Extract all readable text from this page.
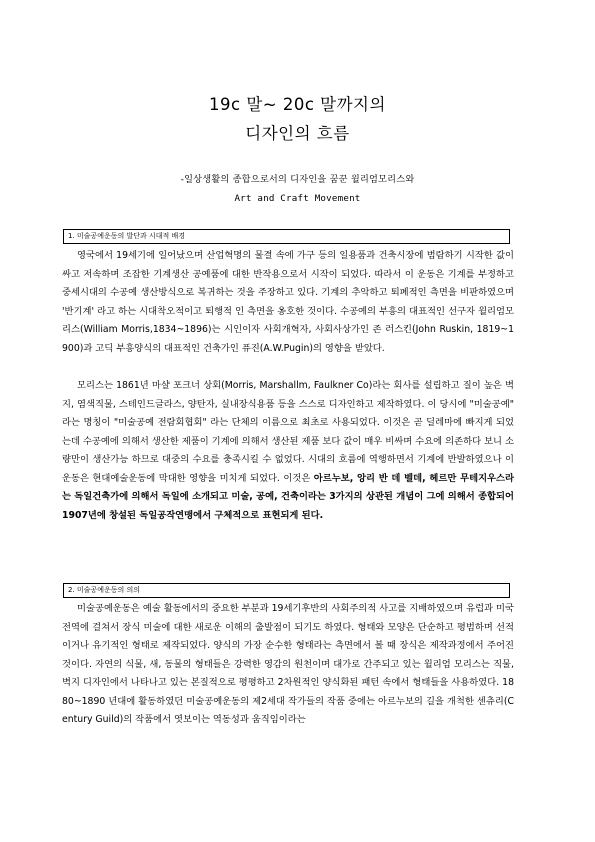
19c 말~ 20c 말까지의
디자인의 흐름
-일상생활의 종합으로서의 디자인을 꿈꾼 윌리엄모리스와
Art and Craft Movement
1. 미술공예운동의 발단과 시대적 배경
영국에서 19세기에 일어났으며 산업혁명의 물결 속에 가구 등의 일용품과 건축시장에 범람하기 시작한 값이 싸고 저속하며 조잡한 기계생산 공예품에 대한 반작용으로서 시작이 되었다. 따라서 이 운동은 기계를 부정하고 중세시대의 수공예 생산방식으로 복귀하는 것을 주장하고 있다. 기계의 추악하고 퇴폐적인 측면을 비판하였으며 '반기계' 라고 하는 시대착오적이고 퇴행적 인 측면을 옹호한 것이다. 수공예의 부흥의 대표적인 선구자 윌리엄모리스(William Morris,1834~1896)는 시인이자 사회개혁자, 사회사상가인 존 러스킨(John Ruskin, 1819~1900)과 고딕 부흥양식의 대표적인 건축가인 퓨진(A.W.Pugin)의 영향을 받았다.
모리스는 1861년 마샬 포크너 상회(Morris, Marshallm, Faulkner Co)라는 회사를 설립하고 질이 높은 벽지, 염색직물, 스테인드글라스, 양탄자, 실내장식용품 등을 스스로 디자인하고 제작하였다. 이 당시에 "미술공예" 라는 명칭이 "미술공예 전람회협회" 라는 단체의 이름으로 최초로 사용되었다. 이것은 곧 딜레마에 빠지게 되었는데 수공예에 의해서 생산한 제품이 기계에 의해서 생산된 제품 보다 값이 매우 비싸며 수요에 의존하다 보니 소량만이 생산가능 하므로 대중의 수요를 충족시킬 수 없었다. 시대의 흐름에 역행하면서 기계에 반발하였으나 이 운동은 현대예술운동에 막대한 영향을 미치게 되었다. 이것은 아르누보, 앙리 반 데 벨데, 헤르만 무테지우스라는 독일건축가에 의해서 독일에 소개되고 미술, 공예, 건축이라는 3가지의 상관된 개념이 그에 의해서 종합되어 1907년에 창설된 독일공작연맹에서 구체적으로 표현되게 된다.
2. 미술공예운동의 의의
미술공예운동은 예술 활동에서의 중요한 부분과 19세기후반의 사회주의적 사고를 지배하였으며 유럽과 미국전역에 걸쳐서 장식 미술에 대한 새로운 이해의 출발점이 되기도 하였다. 형태와 모양은 단순하고 평범하며 선적이거나 유기적인 형태로 제작되었다. 양식의 가장 순수한 형태라는 측면에서 볼 때 장식은 제작과정에서 주어진 것이다. 자연의 식물, 새, 동물의 형태들은 강력한 영감의 원천이며 대가로 간주되고 있는 윌리엄 모리스는 직물, 벽지 디자인에서 나타나고 있는 본질적으로 평평하고 2차원적인 양식화된 패턴 속에서 형태들을 사용하였다. 1880~1890 년대에 활동하였던 미술공예운동의 제2세대 작가들의 작품 중에는 아르누보의 길을 개척한 센츄리(Century Guild)의 작품에서 엿보이는 역동성과 움직임이라는
